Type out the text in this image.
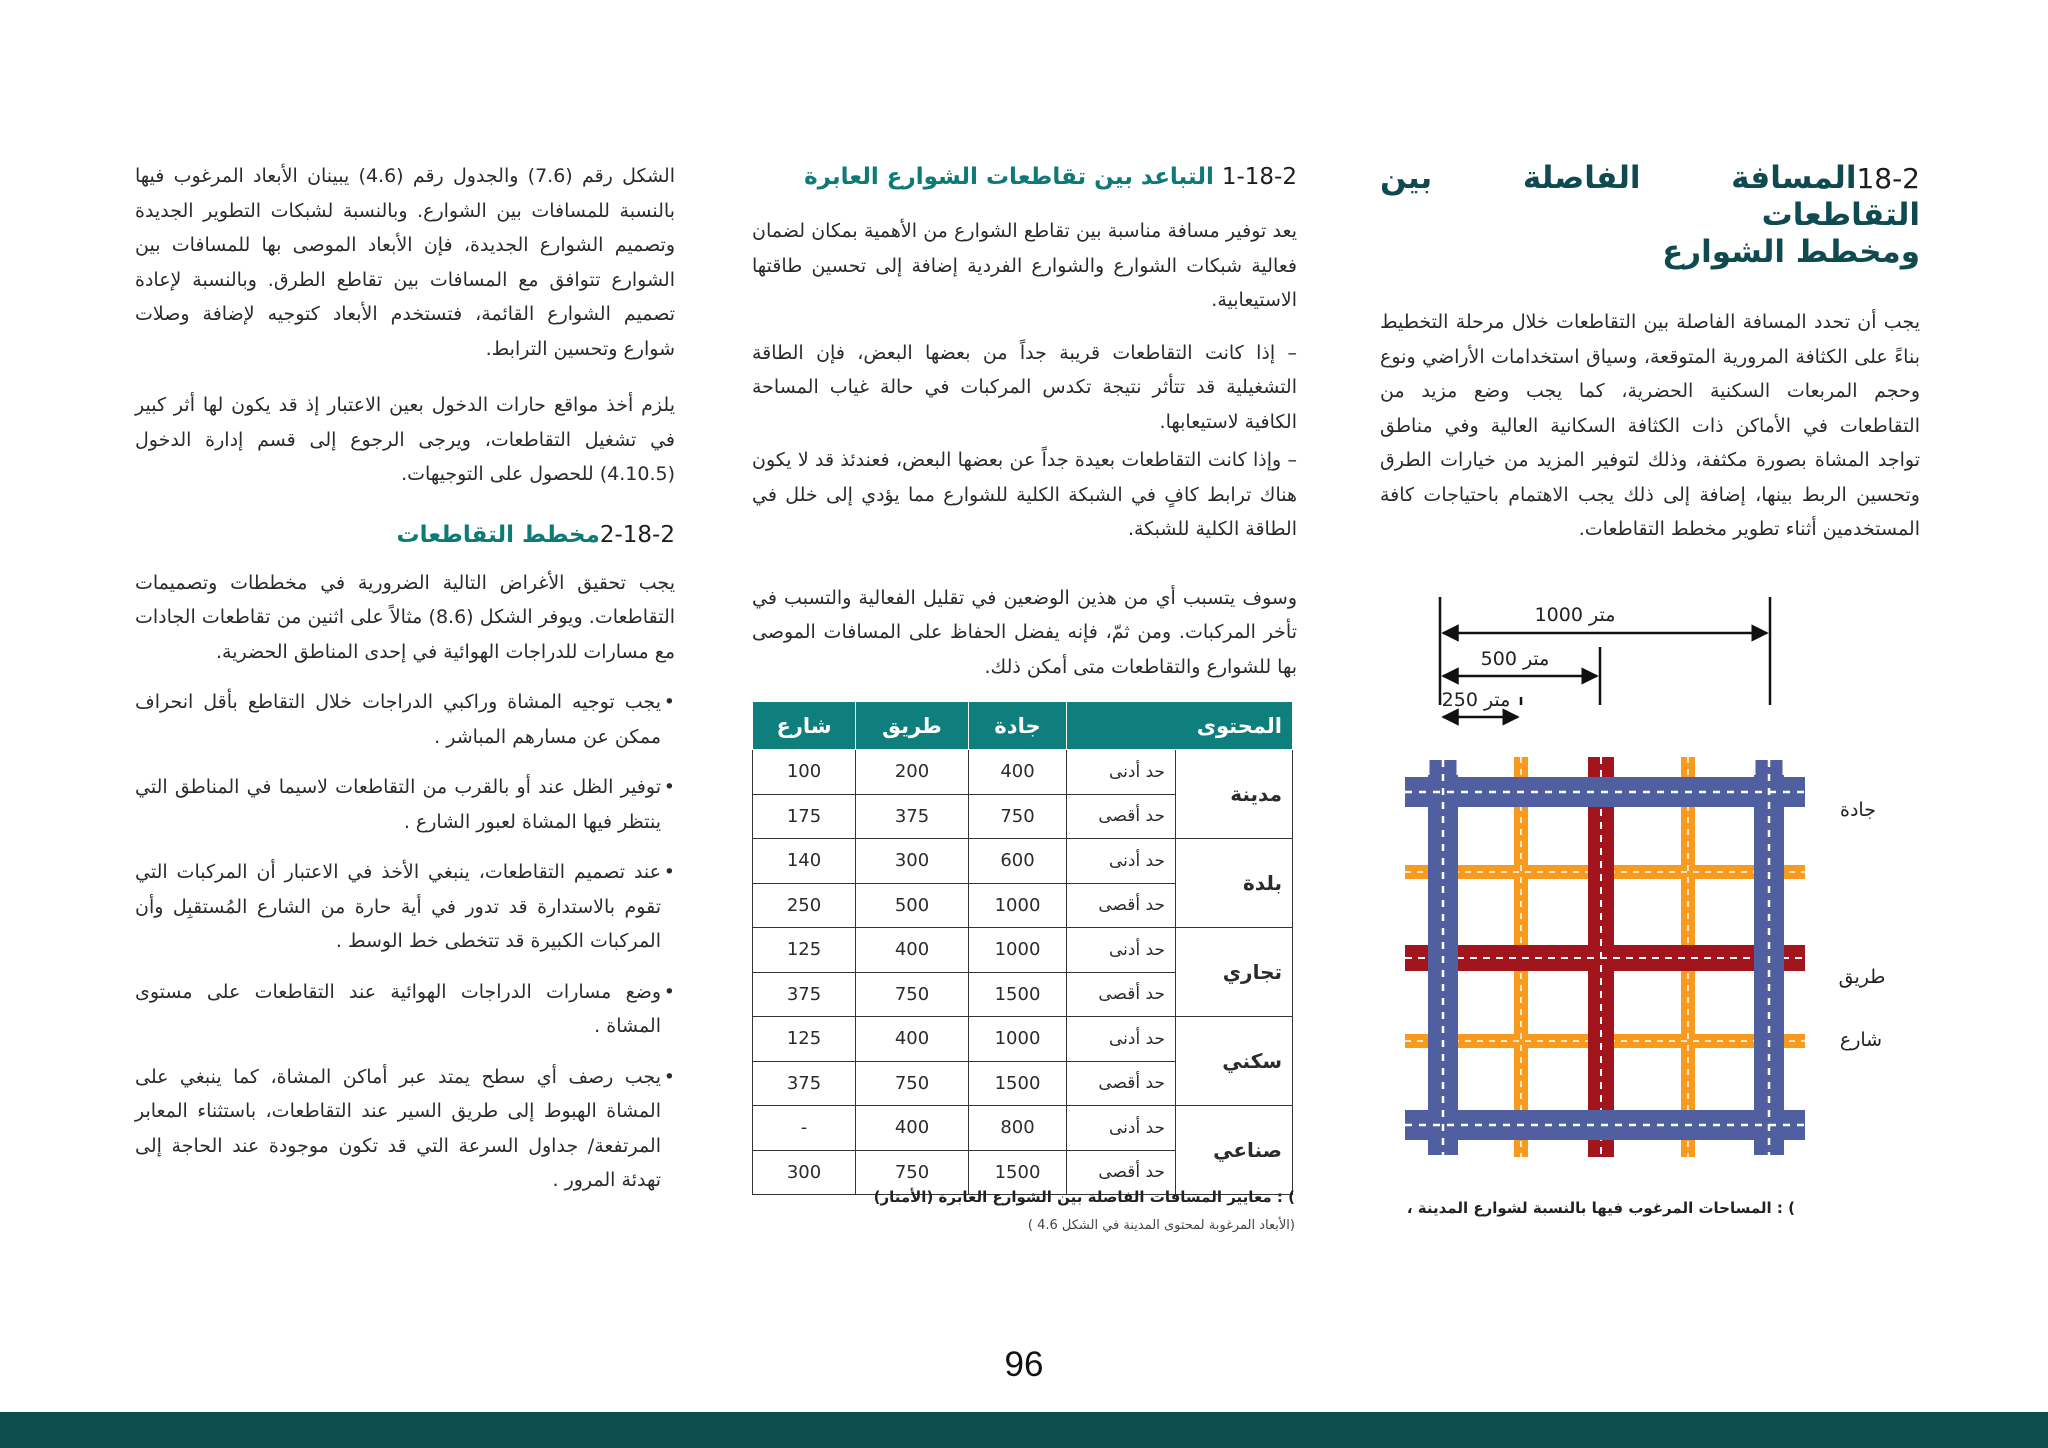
18-2المسافة الفاصلة بين التقاطعات
ومخطط الشوارع

يجب أن تحدد المسافة الفاصلة بين التقاطعات خلال مرحلة التخطيط بناءً على الكثافة المرورية المتوقعة، وسياق استخدامات الأراضي ونوع وحجم المربعات السكنية الحضرية، كما يجب وضع مزيد من التقاطعات في الأماكن ذات الكثافة السكانية العالية وفي مناطق تواجد المشاة بصورة مكثفة، وذلك لتوفير المزيد من خيارات الطرق وتحسين الربط بينها، إضافة إلى ذلك يجب الاهتمام باحتياجات كافة المستخدمين أثناء تطوير مخطط التقاطعات.

1000 متر
500 متر
250 متر
جادة
طريق
شارع
) : المساحات المرغوب فيها بالنسبة لشوارع المدينة ،
1-18-2 التباعد بين تقاطعات الشوارع العابرة

يعد توفير مسافة مناسبة بين تقاطع الشوارع من الأهمية بمكان لضمان فعالية شبكات الشوارع والشوارع الفردية إضافة إلى تحسين طاقتها الاستيعابية.

– إذا كانت التقاطعات قريبة جداً من بعضها البعض، فإن الطاقة التشغيلية قد تتأثر نتيجة تكدس المركبات في حالة غياب المساحة الكافية لاستيعابها.

– وإذا كانت التقاطعات بعيدة جداً عن بعضها البعض، فعندئذ قد لا يكون هناك ترابط كافٍ في الشبكة الكلية للشوارع مما يؤدي إلى خلل في الطاقة الكلية للشبكة.

وسوف يتسبب أي من هذين الوضعين في تقليل الفعالية والتسبب في تأخر المركبات. ومن ثمّ، فإنه يفضل الحفاظ على المسافات الموصى بها للشوارع والتقاطعات متى أمكن ذلك.

المحتوى		جادة	طريق	شارع
مدينة	حد أدنى	400	200	100
	حد أقصى	750	375	175
بلدة	حد أدنى	600	300	140
	حد أقصى	1000	500	250
تجاري	حد أدنى	1000	400	125
	حد أقصى	1500	750	375
سكني	حد أدنى	1000	400	125
	حد أقصى	1500	750	375
صناعي	حد أدنى	800	400	-
	حد أقصى	1500	750	300
) : معايير المسافات الفاصلة بين الشوارع العابرة (الأمتار)
(الأبعاد المرغوبة لمحتوى المدينة في الشكل 4.6 )

الشكل رقم (7.6) والجدول رقم (4.6) يبينان الأبعاد المرغوب فيها بالنسبة للمسافات بين الشوارع. وبالنسبة لشبكات التطوير الجديدة وتصميم الشوارع الجديدة، فإن الأبعاد الموصى بها للمسافات بين الشوارع تتوافق مع المسافات بين تقاطع الطرق. وبالنسبة لإعادة تصميم الشوارع القائمة، فتستخدم الأبعاد كتوجيه لإضافة وصلات شوارع وتحسين الترابط.

يلزم أخذ مواقع حارات الدخول بعين الاعتبار إذ قد يكون لها أثر كبير في تشغيل التقاطعات، ويرجى الرجوع إلى قسم إدارة الدخول (4.10.5) للحصول على التوجيهات.

2-18-2مخطط التقاطعات

يجب تحقيق الأغراض التالية الضرورية في مخططات وتصميمات التقاطعات. ويوفر الشكل (8.6) مثالاً على اثنين من تقاطعات الجادات مع مسارات للدراجات الهوائية في إحدى المناطق الحضرية.

• يجب توجيه المشاة وراكبي الدراجات خلال التقاطع بأقل انحراف ممكن عن مسارهم المباشر .
• توفير الظل عند أو بالقرب من التقاطعات لاسيما في المناطق التي ينتظر فيها المشاة لعبور الشارع .
• عند تصميم التقاطعات، ينبغي الأخذ في الاعتبار أن المركبات التي تقوم بالاستدارة قد تدور في أية حارة من الشارع المُستقبِل وأن المركبات الكبيرة قد تتخطى خط الوسط .
• وضع مسارات الدراجات الهوائية عند التقاطعات على مستوى المشاة .
• يجب رصف أي سطح يمتد عبر أماكن المشاة، كما ينبغي على المشاة الهبوط إلى طريق السير عند التقاطعات، باستثناء المعابر المرتفعة/ جداول السرعة التي قد تكون موجودة عند الحاجة إلى تهدئة المرور .
96
